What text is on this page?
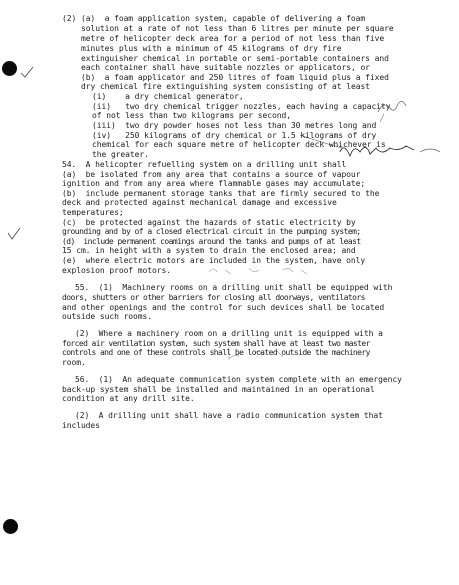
(2) (a)  a foam application system, capable of delivering a foam
solution at a rate of not less than 6 litres per minute per square
metre of helicopter deck area for a period of not less than five
minutes plus with a minimum of 45 kilograms of dry fire
extinguisher chemical in portable or semi-portable containers and
each container shall have suitable nozzles or applicators, or
(b)  a foam applicator and 250 litres of foam liquid plus a fixed
dry chemical fire extinguishing system consisting of at least
(i)    a dry chemical generator,
(ii)   two dry chemical trigger nozzles, each having a capacity
of not less than two kilograms per second,
(iii)  two dry powder hoses not less than 30 metres long and
(iv)   250 kilograms of dry chemical or 1.5 kilograms of dry
chemical for each square metre of helicopter deck whichever is
the greater.
54.  A helicopter refuelling system on a drilling unit shall
(a)  be isolated from any area that contains a source of vapour
ignition and from any area where flammable gases may accumulate;
(b)  include permanent storage tanks that are firmly secured to the
deck and protected against mechanical damage and excessive
temperatures;
(c)  be protected against the hazards of static electricity by
grounding and by of a closed electrical circuit in the pumping system;
(d)  include permanent coamings around the tanks and pumps of at least
15 cm. in height with a system to drain the enclosed area; and
(e)  where electric motors are included in the system, have only
explosion proof motors.
55.  (1)  Machinery rooms on a drilling unit shall be equipped with
doors, shutters or other barriers for closing all doorways, ventilators
and other openings and the control for such devices shall be located
outside such rooms.
(2)  Where a machinery room on a drilling unit is equipped with a
forced air ventilation system, such system shall have at least two master
controls and one of these controls shall be located outside the machinery
room.
56.  (1)  An adequate communication system complete with an emergency
back-up system shall be installed and maintained in an operational
condition at any drill site.
(2)  A drilling unit shall have a radio communication system that
includes
